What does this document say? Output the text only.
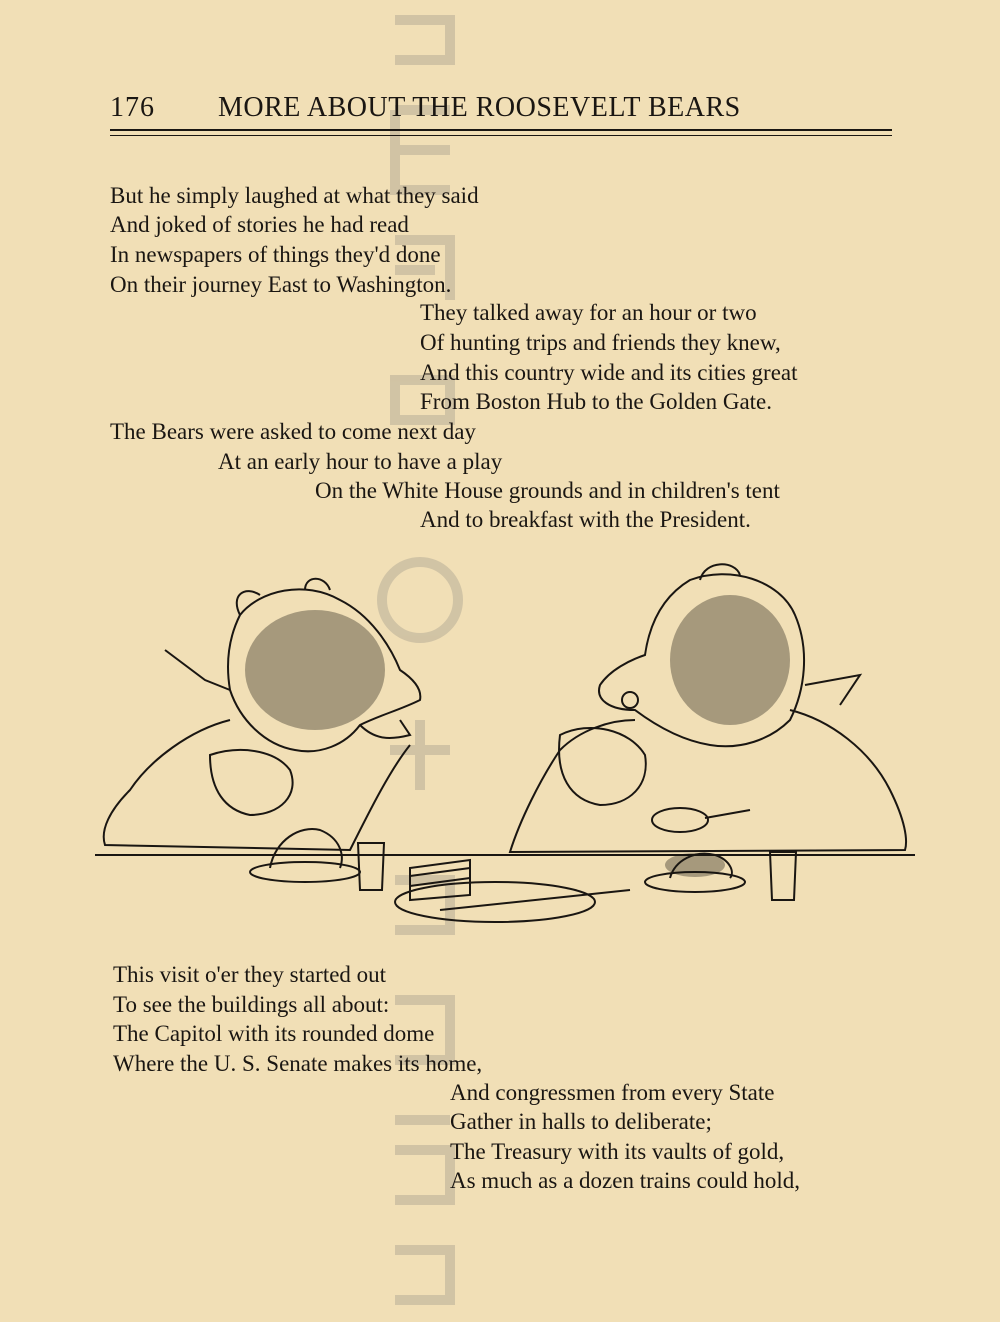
176 MORE ABOUT THE ROOSEVELT BEARS
But he simply laughed at what they said
And joked of stories he had read
In newspapers of things they'd done
On their journey East to Washington.
They talked away for an hour or two
Of hunting trips and friends they knew,
And this country wide and its cities great
From Boston Hub to the Golden Gate.
The Bears were asked to come next day
At an early hour to have a play
On the White House grounds and in children's tent
And to breakfast with the President.
This visit o'er they started out
To see the buildings all about:
The Capitol with its rounded dome
Where the U. S. Senate makes its home,
And congressmen from every State
Gather in halls to deliberate;
The Treasury with its vaults of gold,
As much as a dozen trains could hold,
